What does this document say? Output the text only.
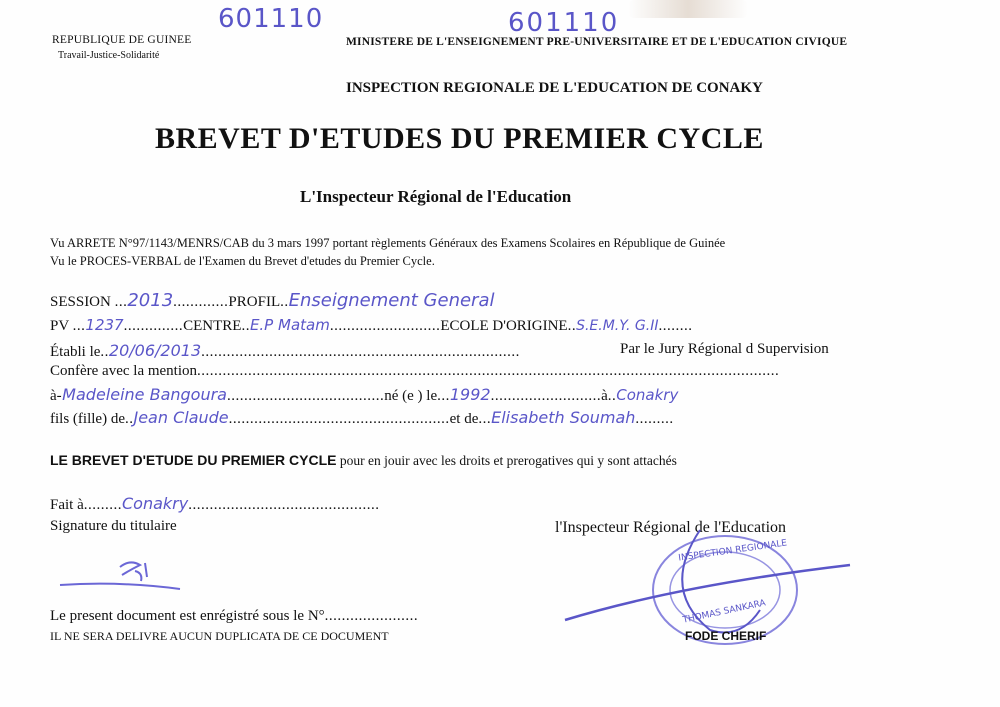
601110	601110
REPUBLIQUE DE GUINEE
Travail-Justice-Solidarité
MINISTERE DE L'ENSEIGNEMENT PRE-UNIVERSITAIRE ET DE L'EDUCATION CIVIQUE
INSPECTION REGIONALE DE L'EDUCATION DE CONAKY
BREVET D'ETUDES DU PREMIER CYCLE
L'Inspecteur Régional de l'Education
Vu ARRETE N°97/1143/MENRS/CAB du 3 mars 1997 portant règlements Généraux des Examens Scolaires en République de Guinée
Vu le PROCES-VERBAL de l'Examen du Brevet d'etudes du Premier Cycle.
SESSION ...2013.............PROFIL..Enseignement General
PV ...1237..............CENTRE..E.P Matam..........................ECOLE D'ORIGINE..S.E.M.Y. G.II........
Établi le..20/06/2013...........................................................................	Par le Jury Régional d Supervision
Confère avec la mention.........................................................................................................................................
à-Madeleine Bangoura.....................................né (e ) le...1992..........................à..Conakry
fils (fille) de..Jean Claude....................................................et de...Elisabeth Soumah.........
LE BREVET D'ETUDE DU PREMIER CYCLE pour en jouir avec les droits et prerogatives qui y sont attachés
Fait à.........Conakry.............................................
Signature du titulaire	l'Inspecteur Régional de l'Education
Le present document est enrégistré sous le N°......................
IL NE SERA DELIVRE AUCUN DUPLICATA DE CE DOCUMENT
INSPECTION REGIONALE
THOMAS SANKARA
FODE CHERIF
